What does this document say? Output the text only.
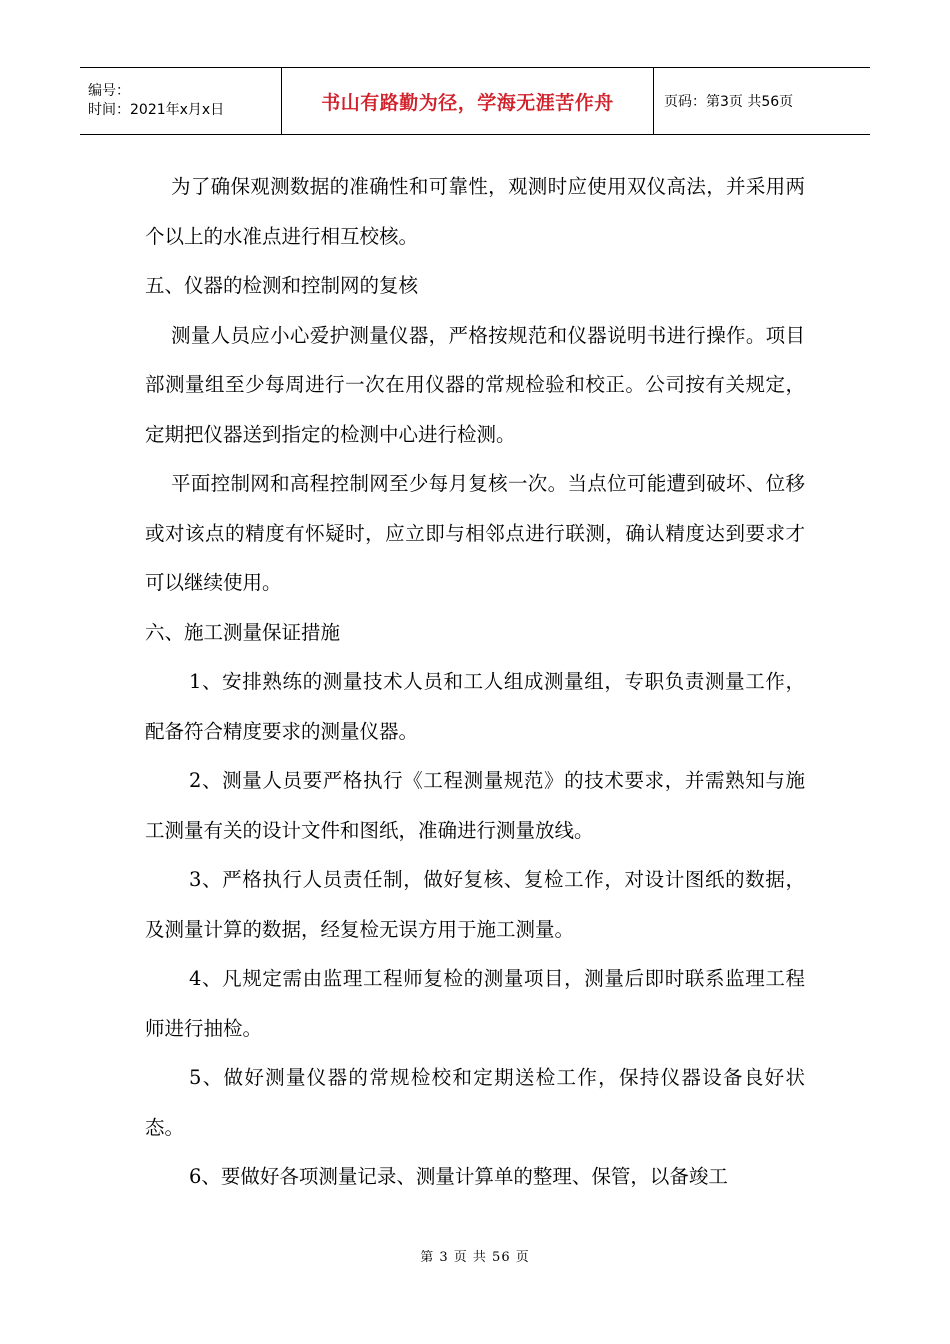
编号：
时间：2021年x月x日	书山有路勤为径，学海无涯苦作舟	页码：第3页 共56页

为了确保观测数据的准确性和可靠性，观测时应使用双仪高法，并采用两个以上的水准点进行相互校核。

五、仪器的检测和控制网的复核

测量人员应小心爱护测量仪器，严格按规范和仪器说明书进行操作。项目部测量组至少每周进行一次在用仪器的常规检验和校正。公司按有关规定，定期把仪器送到指定的检测中心进行检测。

平面控制网和高程控制网至少每月复核一次。当点位可能遭到破坏、位移或对该点的精度有怀疑时，应立即与相邻点进行联测，确认精度达到要求才可以继续使用。

六、施工测量保证措施

1、安排熟练的测量技术人员和工人组成测量组，专职负责测量工作，配备符合精度要求的测量仪器。

2、测量人员要严格执行《工程测量规范》的技术要求，并需熟知与施工测量有关的设计文件和图纸，准确进行测量放线。

3、严格执行人员责任制，做好复核、复检工作，对设计图纸的数据，及测量计算的数据，经复检无误方用于施工测量。

4、凡规定需由监理工程师复检的测量项目，测量后即时联系监理工程师进行抽检。

5、做好测量仪器的常规检校和定期送检工作，保持仪器设备良好状态。

6、要做好各项测量记录、测量计算单的整理、保管，以备竣工

第 3 页 共 56 页
